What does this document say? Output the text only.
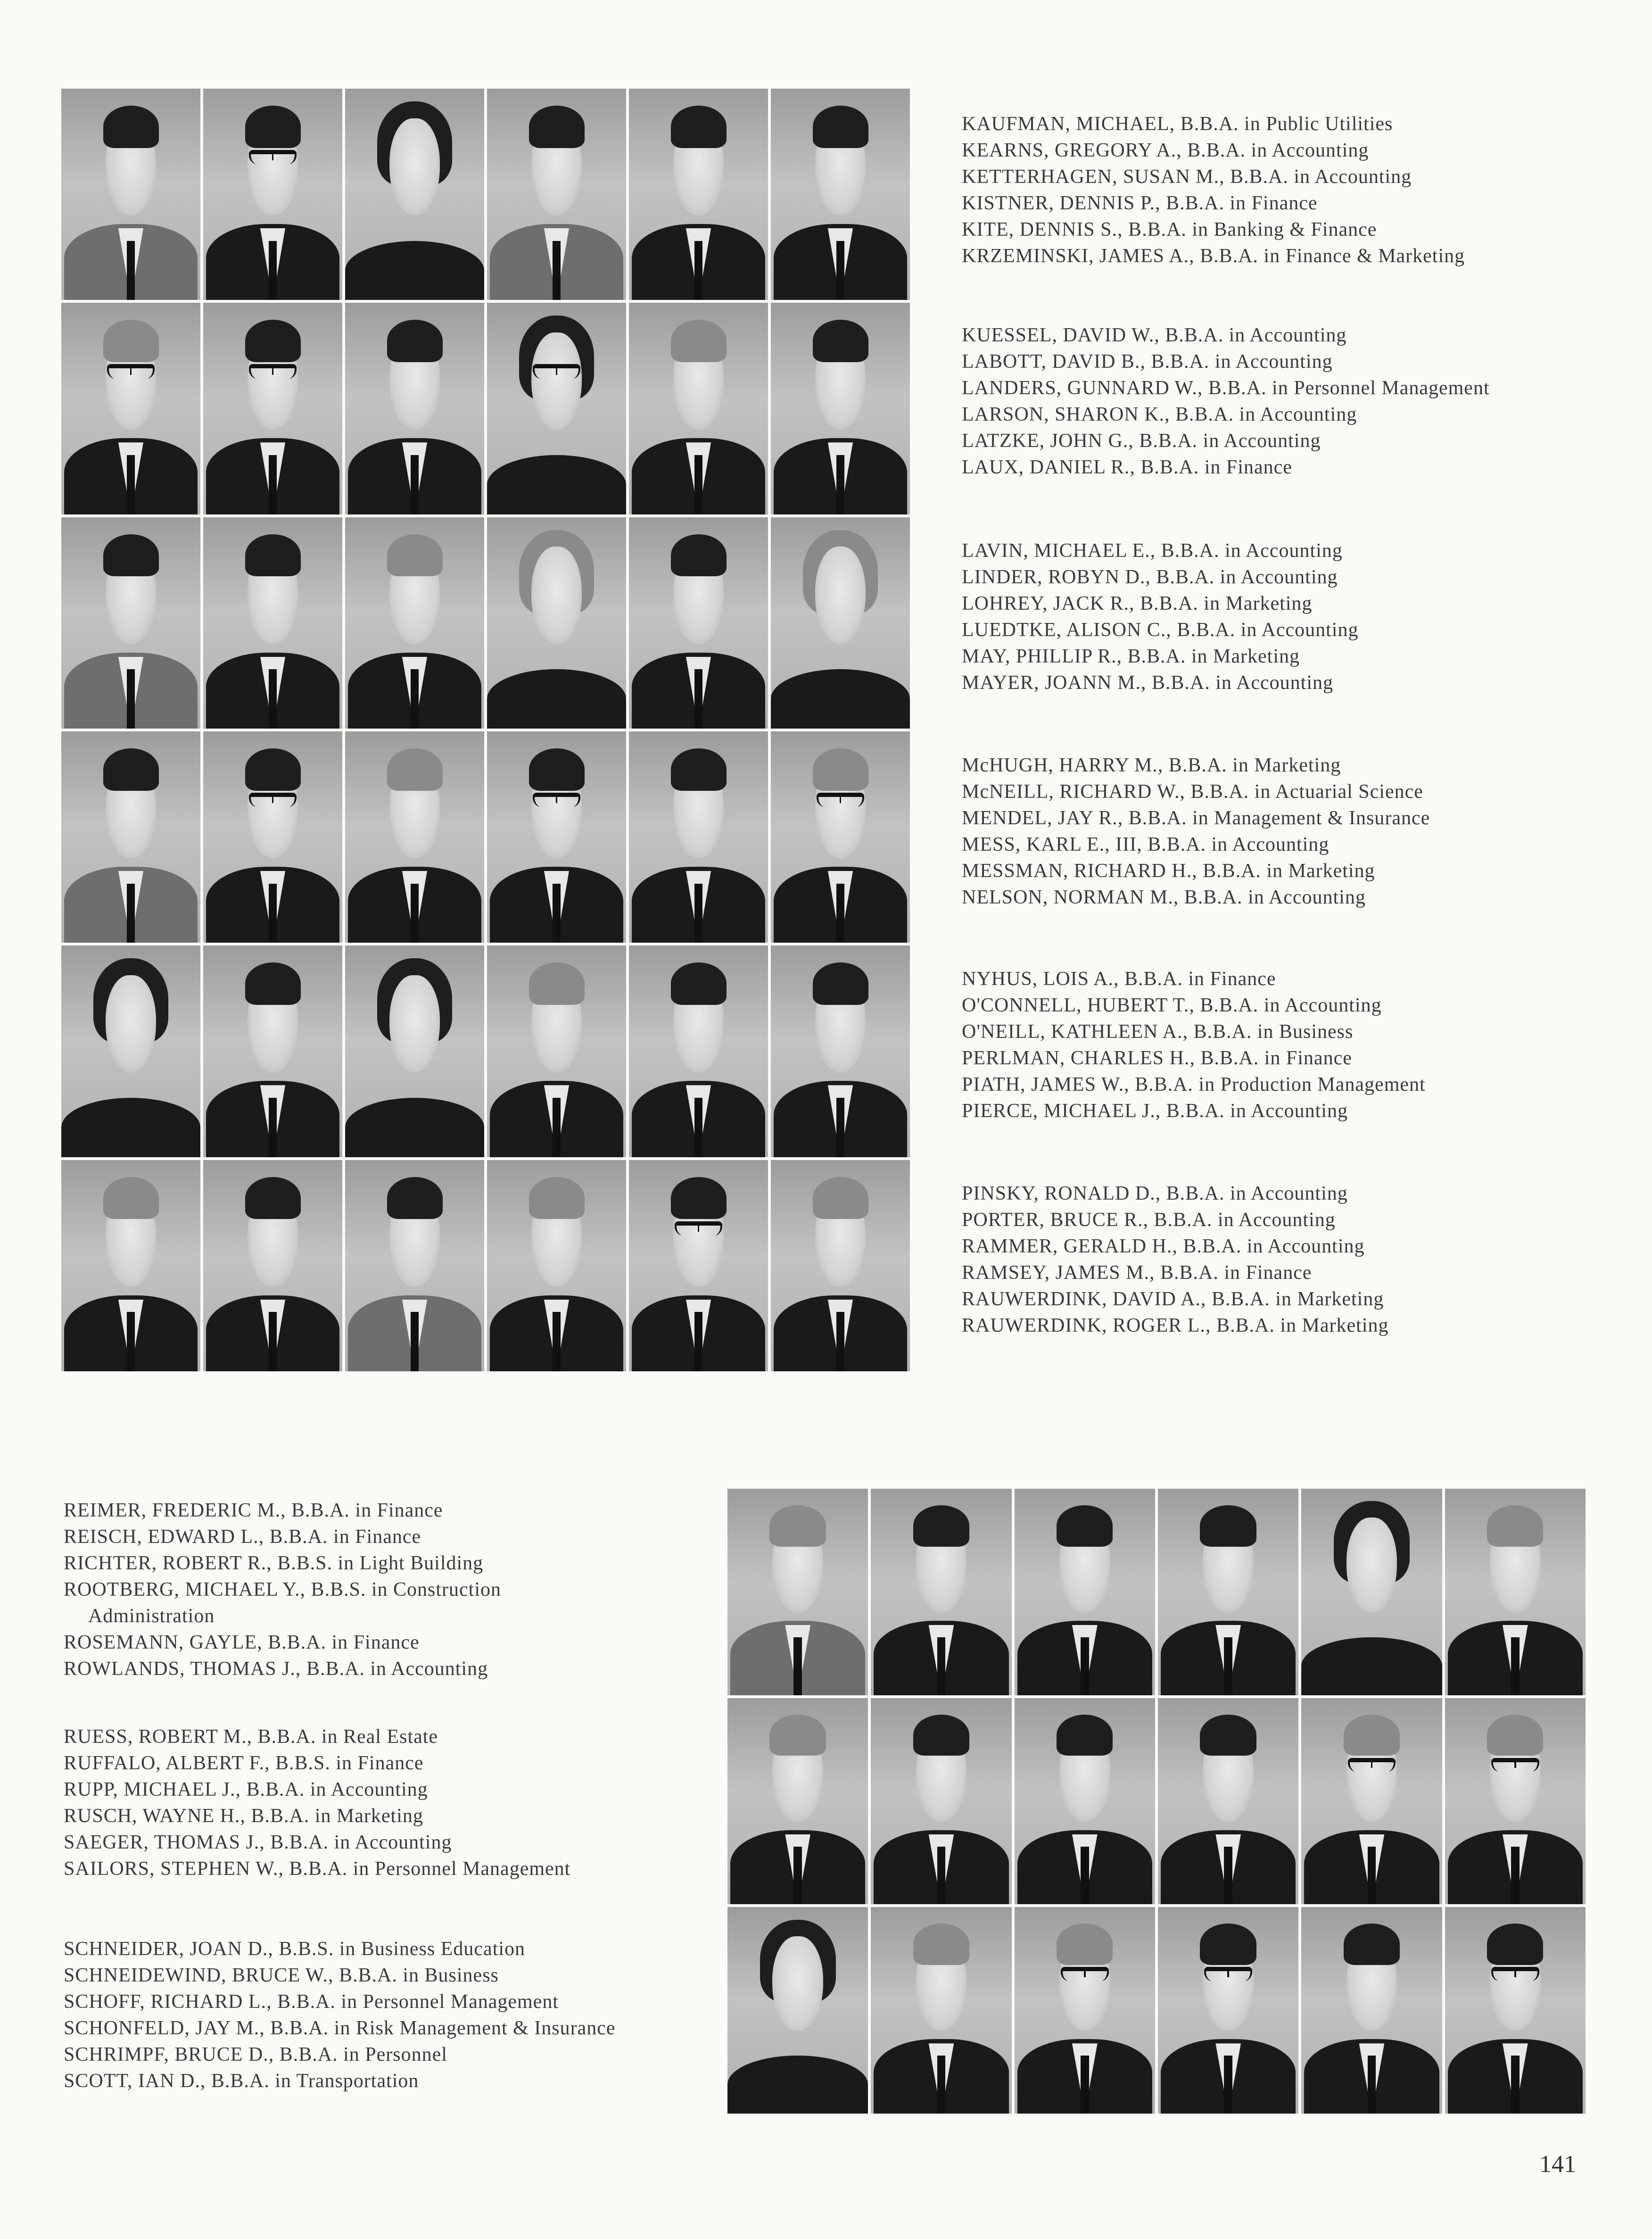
KAUFMAN, MICHAEL, B.B.A. in Public Utilities
KEARNS, GREGORY A., B.B.A. in Accounting
KETTERHAGEN, SUSAN M., B.B.A. in Accounting
KISTNER, DENNIS P., B.B.A. in Finance
KITE, DENNIS S., B.B.A. in Banking & Finance
KRZEMINSKI, JAMES A., B.B.A. in Finance & Marketing
KUESSEL, DAVID W., B.B.A. in Accounting
LABOTT, DAVID B., B.B.A. in Accounting
LANDERS, GUNNARD W., B.B.A. in Personnel Management
LARSON, SHARON K., B.B.A. in Accounting
LATZKE, JOHN G., B.B.A. in Accounting
LAUX, DANIEL R., B.B.A. in Finance
LAVIN, MICHAEL E., B.B.A. in Accounting
LINDER, ROBYN D., B.B.A. in Accounting
LOHREY, JACK R., B.B.A. in Marketing
LUEDTKE, ALISON C., B.B.A. in Accounting
MAY, PHILLIP R., B.B.A. in Marketing
MAYER, JOANN M., B.B.A. in Accounting
McHUGH, HARRY M., B.B.A. in Marketing
McNEILL, RICHARD W., B.B.A. in Actuarial Science
MENDEL, JAY R., B.B.A. in Management & Insurance
MESS, KARL E., III, B.B.A. in Accounting
MESSMAN, RICHARD H., B.B.A. in Marketing
NELSON, NORMAN M., B.B.A. in Accounting
NYHUS, LOIS A., B.B.A. in Finance
O'CONNELL, HUBERT T., B.B.A. in Accounting
O'NEILL, KATHLEEN A., B.B.A. in Business
PERLMAN, CHARLES H., B.B.A. in Finance
PIATH, JAMES W., B.B.A. in Production Management
PIERCE, MICHAEL J., B.B.A. in Accounting
PINSKY, RONALD D., B.B.A. in Accounting
PORTER, BRUCE R., B.B.A. in Accounting
RAMMER, GERALD H., B.B.A. in Accounting
RAMSEY, JAMES M., B.B.A. in Finance
RAUWERDINK, DAVID A., B.B.A. in Marketing
RAUWERDINK, ROGER L., B.B.A. in Marketing
REIMER, FREDERIC M., B.B.A. in Finance
REISCH, EDWARD L., B.B.A. in Finance
RICHTER, ROBERT R., B.B.S. in Light Building
ROOTBERG, MICHAEL Y., B.B.S. in Construction
Administration
ROSEMANN, GAYLE, B.B.A. in Finance
ROWLANDS, THOMAS J., B.B.A. in Accounting
RUESS, ROBERT M., B.B.A. in Real Estate
RUFFALO, ALBERT F., B.B.S. in Finance
RUPP, MICHAEL J., B.B.A. in Accounting
RUSCH, WAYNE H., B.B.A. in Marketing
SAEGER, THOMAS J., B.B.A. in Accounting
SAILORS, STEPHEN W., B.B.A. in Personnel Management
SCHNEIDER, JOAN D., B.B.S. in Business Education
SCHNEIDEWIND, BRUCE W., B.B.A. in Business
SCHOFF, RICHARD L., B.B.A. in Personnel Management
SCHONFELD, JAY M., B.B.A. in Risk Management & Insurance
SCHRIMPF, BRUCE D., B.B.A. in Personnel
SCOTT, IAN D., B.B.A. in Transportation
141
